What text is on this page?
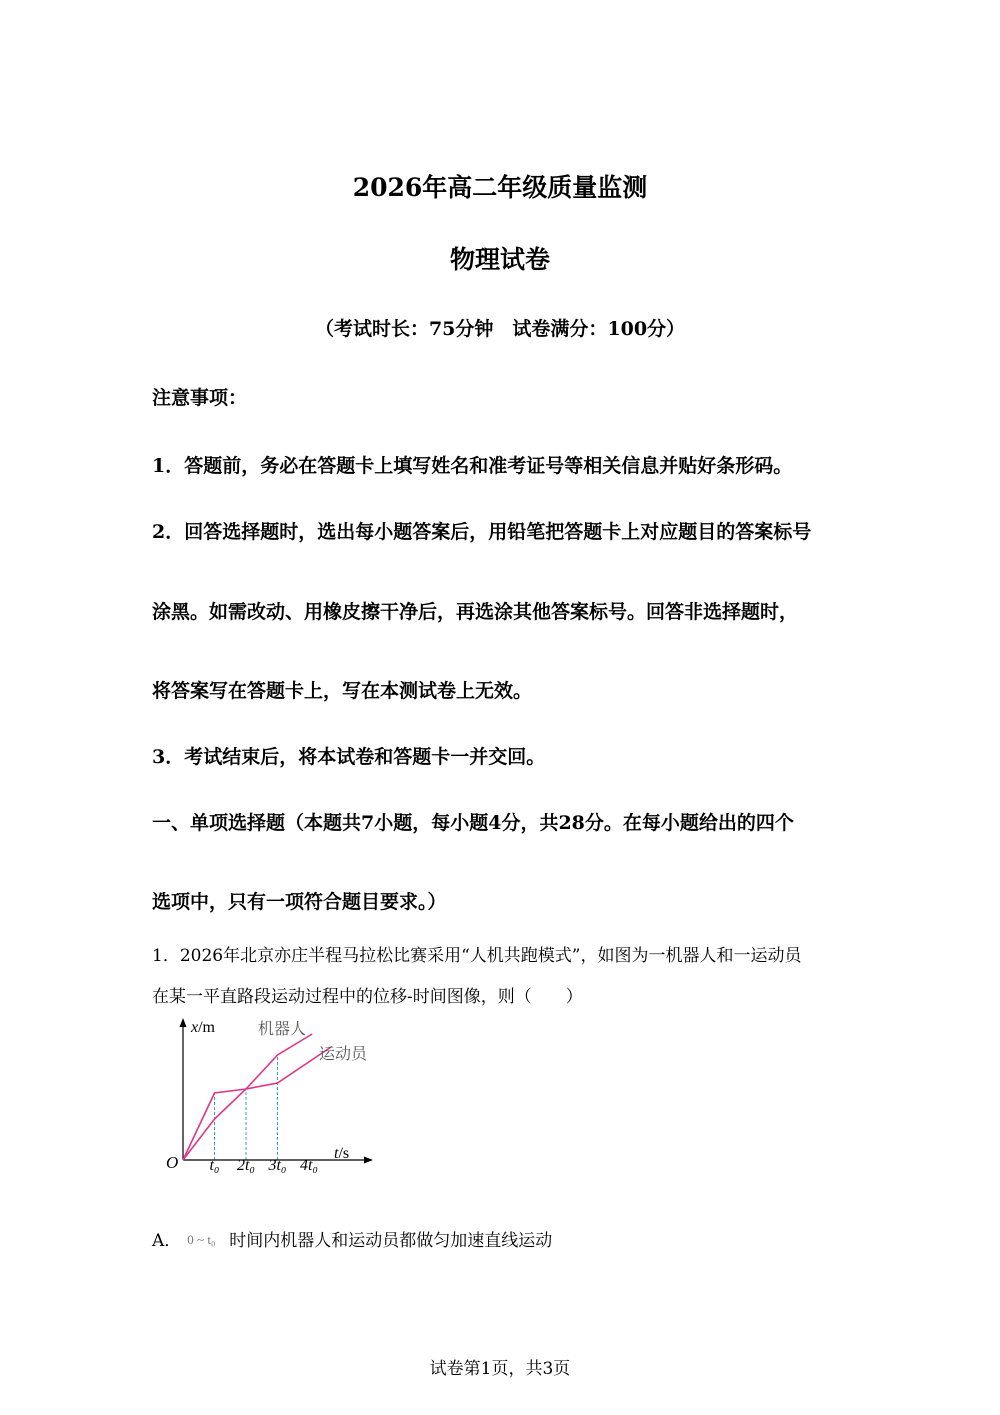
2026年高二年级质量监测
物理试卷
（考试时长：75分钟　试卷满分：100分）
注意事项：
1．答题前，务必在答题卡上填写姓名和准考证号等相关信息并贴好条形码。
2．回答选择题时，选出每小题答案后，用铅笔把答题卡上对应题目的答案标号
涂黑。如需改动、用橡皮擦干净后，再选涂其他答案标号。回答非选择题时，
将答案写在答题卡上，写在本测试卷上无效。
3．考试结束后，将本试卷和答题卡一并交回。
一、单项选择题（本题共7小题，每小题4分，共28分。在每小题给出的四个
选项中，只有一项符合题目要求。）
1．2026年北京亦庄半程马拉松比赛采用“人机共跑模式”，如图为一机器人和一运动员
在某一平直路段运动过程中的位移-时间图像，则（　　）
x/m
t/s
O t₀ 2t₀ 3t₀ 4t₀
机器人
运动员
A． 0 ~ t₀ 时间内机器人和运动员都做匀加速直线运动
试卷第1页，共3页
